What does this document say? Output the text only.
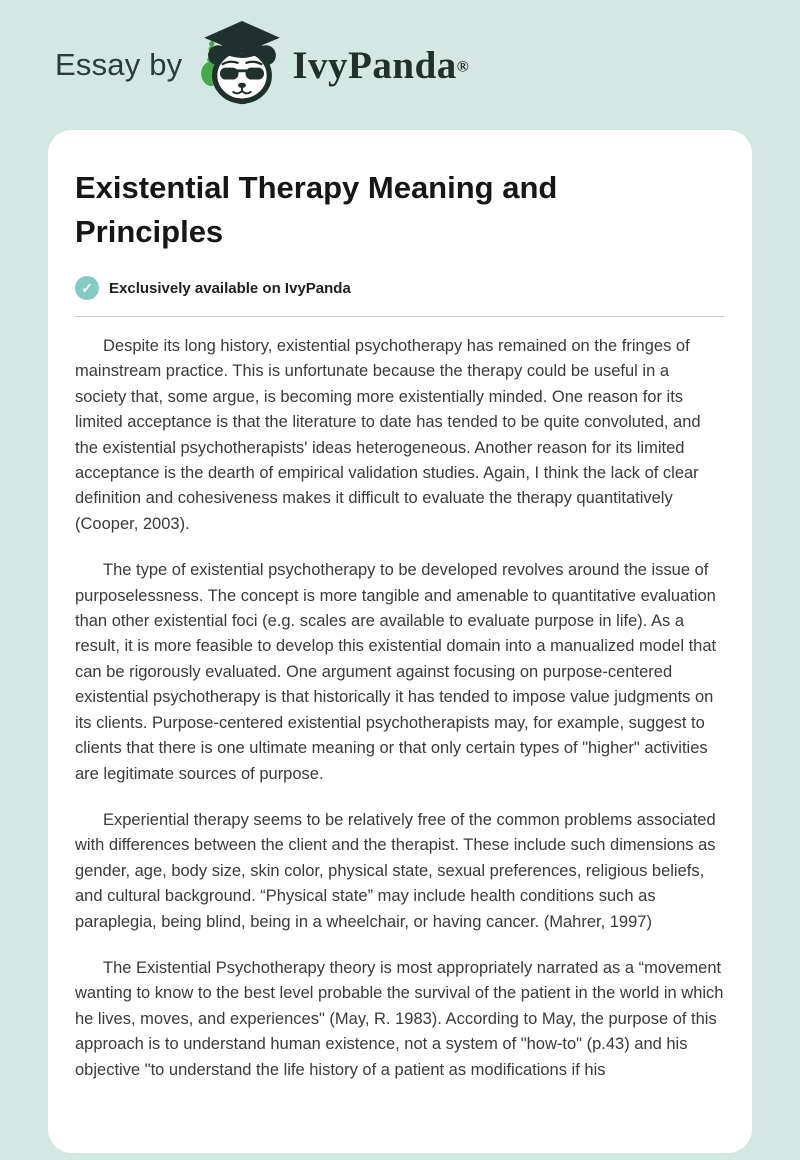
Essay by	IvyPanda®
Existential Therapy Meaning and Principles
✓	Exclusively available on IvyPanda

Despite its long history, existential psychotherapy has remained on the fringes of mainstream practice. This is unfortunate because the therapy could be useful in a society that, some argue, is becoming more existentially minded. One reason for its limited acceptance is that the literature to date has tended to be quite convoluted, and the existential psychotherapists' ideas heterogeneous. Another reason for its limited acceptance is the dearth of empirical validation studies. Again, I think the lack of clear definition and cohesiveness makes it difficult to evaluate the therapy quantitatively (Cooper, 2003).

The type of existential psychotherapy to be developed revolves around the issue of purposelessness. The concept is more tangible and amenable to quantitative evaluation than other existential foci (e.g. scales are available to evaluate purpose in life). As a result, it is more feasible to develop this existential domain into a manualized model that can be rigorously evaluated. One argument against focusing on purpose-centered existential psychotherapy is that historically it has tended to impose value judgments on its clients. Purpose-centered existential psychotherapists may, for example, suggest to clients that there is one ultimate meaning or that only certain types of "higher" activities are legitimate sources of purpose.

Experiential therapy seems to be relatively free of the common problems associated with differences between the client and the therapist. These include such dimensions as gender, age, body size, skin color, physical state, sexual preferences, religious beliefs, and cultural background. “Physical state” may include health conditions such as paraplegia, being blind, being in a wheelchair, or having cancer. (Mahrer, 1997)

The Existential Psychotherapy theory is most appropriately narrated as a “movement wanting to know to the best level probable the survival of the patient in the world in which he lives, moves, and experiences" (May, R. 1983). According to May, the purpose of this approach is to understand human existence, not a system of "how-to" (p.43) and his objective "to understand the life history of a patient as modifications if his
